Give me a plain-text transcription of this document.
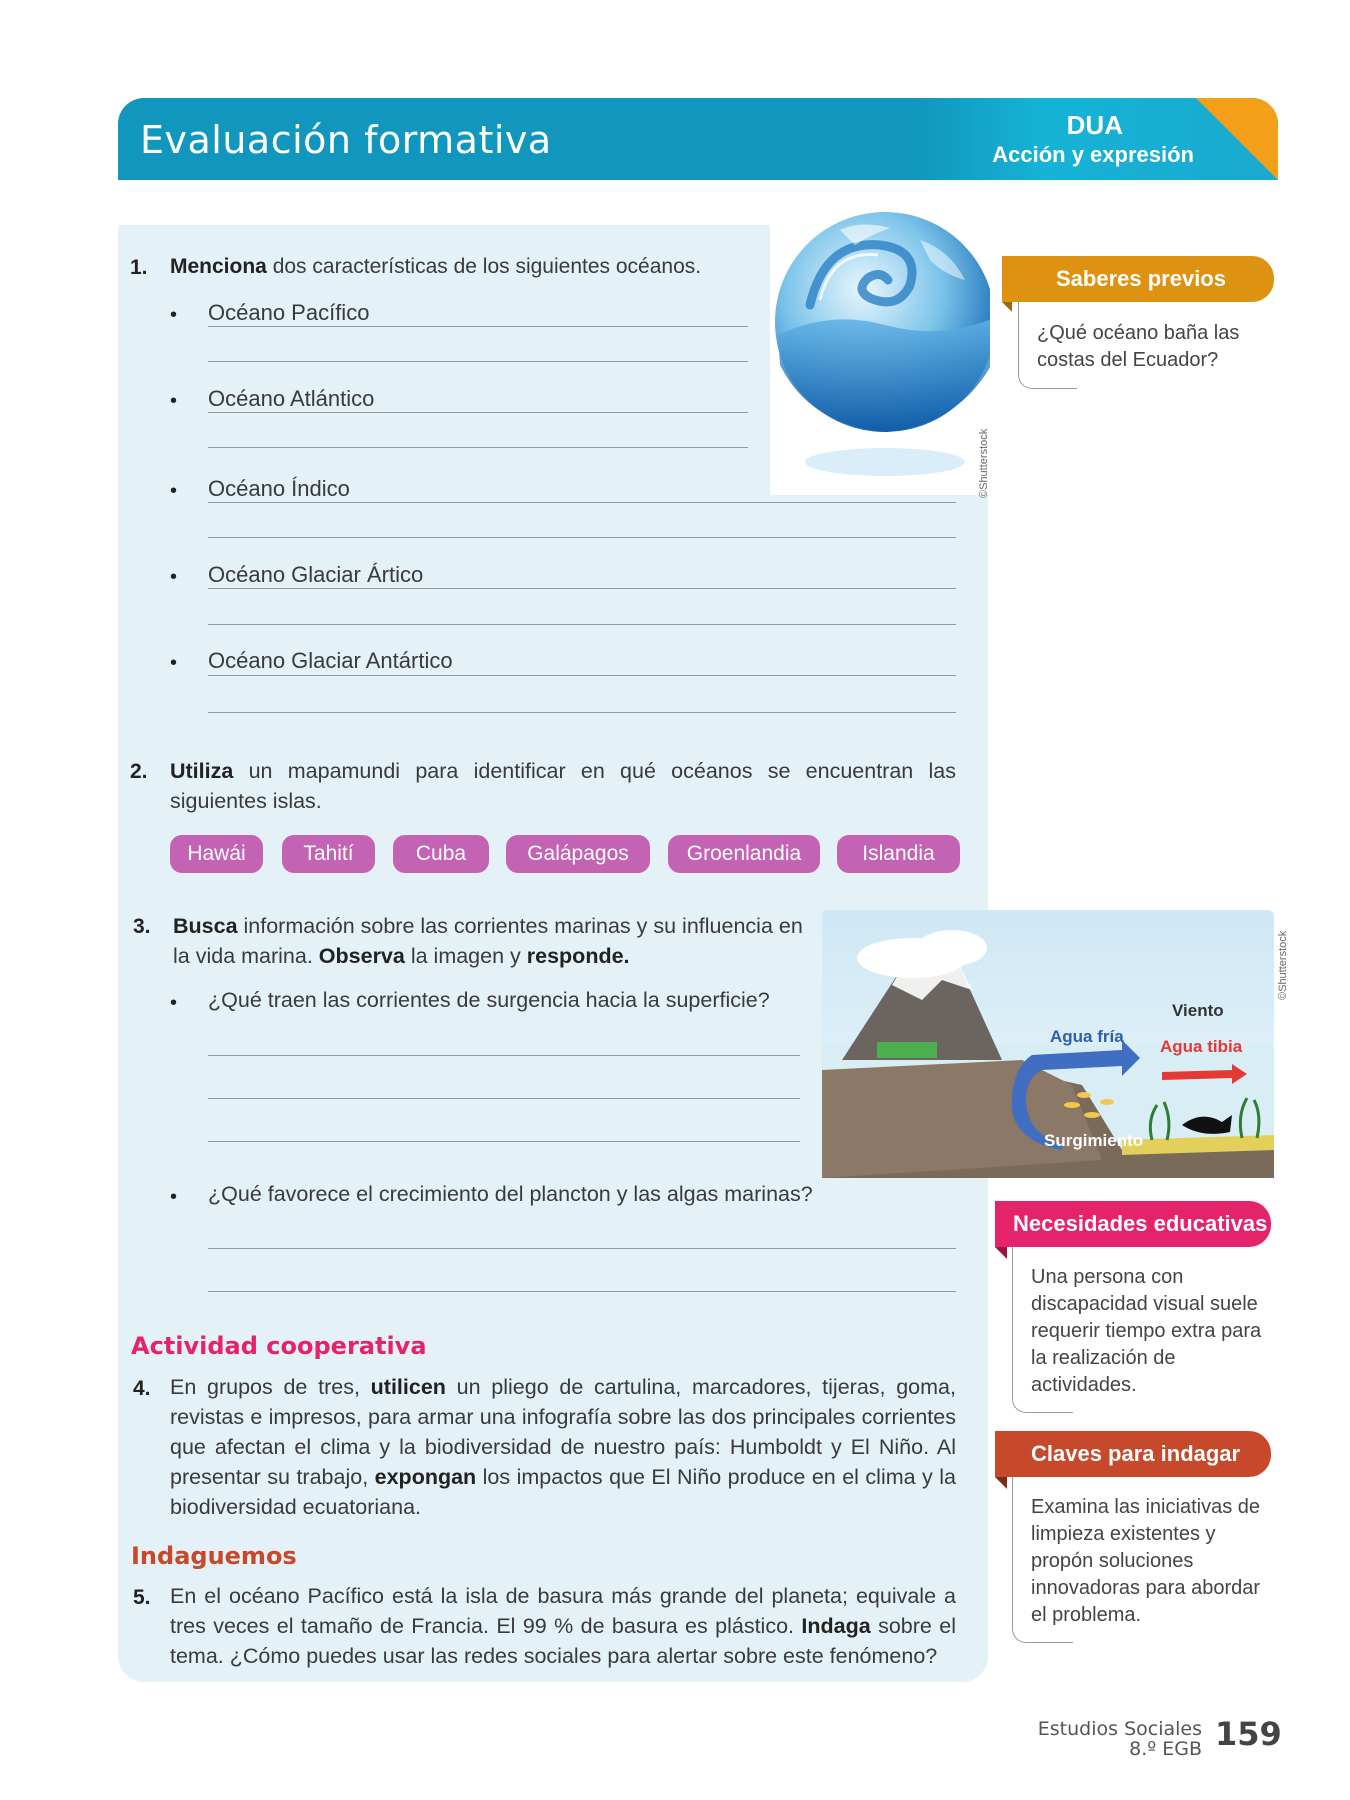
Evaluación formativa	DUA
Acción y expresión
©Shutterstock
1. Menciona dos características de los siguientes océanos.
• Océano Pacífico
• Océano Atlántico
• Océano Índico
• Océano Glaciar Ártico
• Océano Glaciar Antártico
2. Utiliza un mapamundi para identificar en qué océanos se encuentran las siguientes islas.
Hawái	Tahití	Cuba	Galápagos	Groenlandia	Islandia
3. Busca información sobre las corrientes marinas y su influencia en la vida marina. Observa la imagen y responde.
• ¿Qué traen las corrientes de surgencia hacia la superficie?
• ¿Qué favorece el crecimiento del plancton y las algas marinas?
Viento
Agua fría
Agua tibia
Surgimiento
©Shutterstock
Actividad cooperativa
4. En grupos de tres, utilicen un pliego de cartulina, marcadores, tijeras, goma, revistas e impresos, para armar una infografía sobre las dos principales corrientes que afectan el clima y la biodiversidad de nuestro país: Humboldt y El Niño. Al presentar su trabajo, expongan los impactos que El Niño produce en el clima y la biodiversidad ecuatoriana.
Indaguemos
5. En el océano Pacífico está la isla de basura más grande del planeta; equivale a tres veces el tamaño de Francia. El 99 % de basura es plástico. Indaga sobre el tema. ¿Cómo puedes usar las redes sociales para alertar sobre este fenómeno?
Saberes previos
¿Qué océano baña las costas del Ecuador?
Necesidades educativas
Una persona con discapacidad visual suele requerir tiempo extra para la realización de actividades.
Claves para indagar
Examina las iniciativas de limpieza existentes y propón soluciones innovadoras para abordar el problema.
Estudios Sociales
8.º EGB 159
